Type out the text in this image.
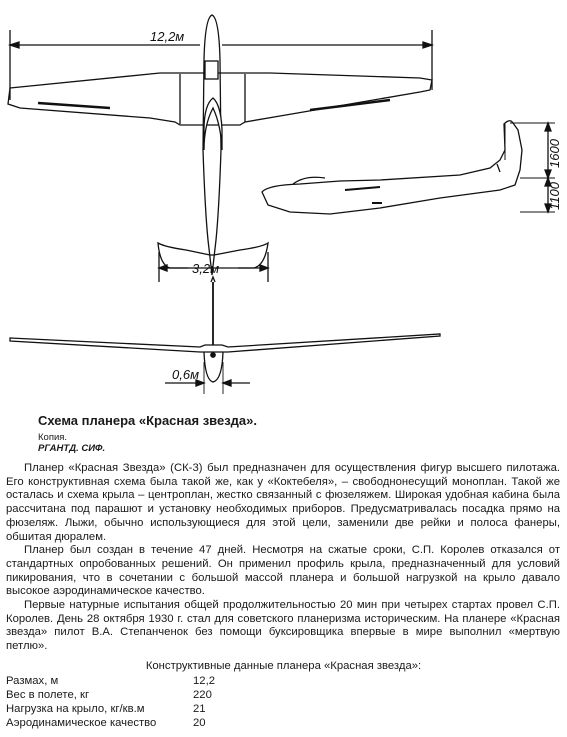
12,2м
3,2м
0,6м
1600
1100
Схема планера «Красная звезда».
Копия.
РГАНТД. СИФ.

Планер «Красная Звезда» (СК-3) был предназначен для осуществления фигур высшего пилотажа. Его конструктивная схема была такой же, как у «Коктебеля», – свободнонесущий моноплан. Такой же осталась и схема крыла – центроплан, жестко связанный с фюзеляжем. Широкая удобная кабина была рассчитана под парашют и установку необходимых приборов. Предусматривалась посадка прямо на фюзеляж. Лыжи, обычно использующиеся для этой цели, заменили две рейки и полоса фанеры, обшитая дюралем.

Планер был создан в течение 47 дней. Несмотря на сжатые сроки, С.П. Королев отказался от стандартных опробованных решений. Он применил профиль крыла, предназначенный для условий пикирования, что в сочетании с большой массой планера и большой нагрузкой на крыло давало высокое аэродинамическое качество.

Первые натурные испытания общей продолжительностью 20 мин при четырех стартах провел С.П. Королев. День 28 октября 1930 г. стал для советского планеризма историческим. На планере «Красная звезда» пилот В.А. Степанченок без помощи буксировщика впервые в мире выполнил «мертвую петлю».

Конструктивные данные планера «Красная звезда»:
Размах, м	12,2
Вес в полете, кг	220
Нагрузка на крыло, кг/кв.м	21
Аэродинамическое качество	20
